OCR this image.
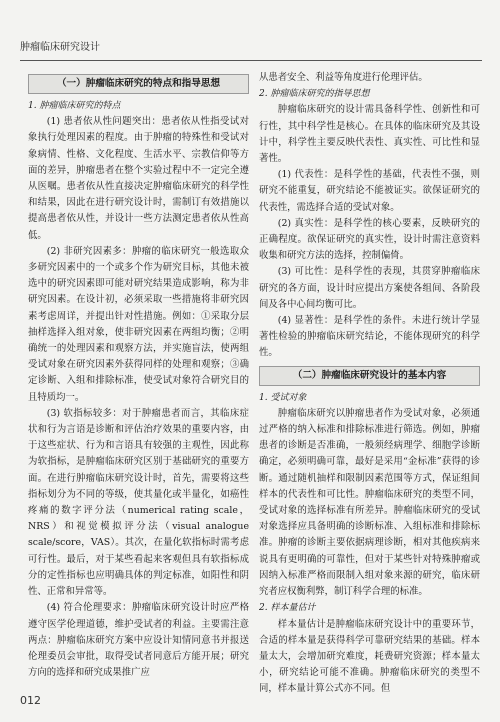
肿瘤临床研究设计
（一）肿瘤临床研究的特点和指导思想
1. 肿瘤临床研究的特点

(1) 患者依从性问题突出：患者依从性指受试对象执行处理因素的程度。由于肿瘤的特殊性和受试对象病情、性格、文化程度、生活水平、宗教信仰等方面的差异，肿瘤患者在整个实验过程中不一定完全遵从医嘱。患者依从性直接决定肿瘤临床研究的科学性和结果，因此在进行研究设计时，需制订有效措施以提高患者依从性，并设计一些方法测定患者依从性高低。

(2) 非研究因素多：肿瘤的临床研究一般选取众多研究因素中的一个或多个作为研究目标，其他未被选中的研究因素即可能对研究结果造成影响，称为非研究因素。在设计初，必须采取一些措施将非研究因素考虑周详，并提出针对性措施。例如：①采取分层抽样选择入组对象，使非研究因素在两组均衡；②明确统一的处理因素和观察方法，并实施盲法，使两组受试对象在研究因素外获得同样的处理和观察；③确定诊断、入组和排除标准，使受试对象符合研究目的且特质均一。

(3) 软指标较多：对于肿瘤患者而言，其临床症状和行为言语是诊断和评估治疗效果的重要内容，由于这些症状、行为和言语具有较强的主观性，因此称为软指标，是肿瘤临床研究区别于基础研究的重要方面。在进行肿瘤临床研究设计时，首先，需要将这些指标划分为不同的等级，使其量化或半量化，如癌性疼痛的数字评分法（numerical rating scale，NRS）和视觉模拟评分法（visual analogue scale/score，VAS）。其次，在量化软指标时需考虑可行性。最后，对于某些看起来客观但具有软指标成分的定性指标也应明确具体的判定标准，如阳性和阴性、正常和异常等。

(4) 符合伦理要求：肿瘤临床研究设计时应严格遵守医学伦理道德，维护受试者的利益。主要需注意两点：肿瘤临床研究方案中应设计知情同意书并报送伦理委员会审批，取得受试者同意后方能开展；研究方向的选择和研究成果推广应

从患者安全、利益等角度进行伦理评估。

2. 肿瘤临床研究的指导思想

肿瘤临床研究的设计需具备科学性、创新性和可行性，其中科学性是核心。在具体的临床研究及其设计中，科学性主要反映代表性、真实性、可比性和显著性。

(1) 代表性：是科学性的基础，代表性不强，则研究不能重复，研究结论不能被证实。欲保证研究的代表性，需选择合适的受试对象。

(2) 真实性：是科学性的核心要素，反映研究的正确程度。欲保证研究的真实性，设计时需注意资料收集和研究方法的选择，控制偏倚。

(3) 可比性：是科学性的表现，其贯穿肿瘤临床研究的各方面，设计时应提出方案使各组间、各阶段间及各中心间均衡可比。

(4) 显著性：是科学性的条件。未进行统计学显著性检验的肿瘤临床研究结论，不能体现研究的科学性。

（二）肿瘤临床研究设计的基本内容
1. 受试对象

肿瘤临床研究以肿瘤患者作为受试对象，必须通过严格的纳入标准和排除标准进行筛选。例如，肿瘤患者的诊断是否准确，一般须经病理学、细胞学诊断确定，必须明确可靠，最好是采用“金标准”获得的诊断。通过随机抽样和限制因素范围等方式，保证组间样本的代表性和可比性。肿瘤临床研究的类型不同，受试对象的选择标准有所差异。肿瘤临床研究的受试对象选择应具备明确的诊断标准、入组标准和排除标准。肿瘤的诊断主要依据病理诊断，相对其他疾病来说具有更明确的可靠性，但对于某些针对特殊肿瘤或因纳入标准严格而限制入组对象来源的研究，临床研究者应权衡利弊，制订科学合理的标准。

2. 样本量估计

样本量估计是肿瘤临床研究设计中的重要环节，合适的样本量是获得科学可靠研究结果的基础。样本量太大，会增加研究难度，耗费研究资源；样本量太小，研究结论可能不准确。肿瘤临床研究的类型不同，样本量计算公式亦不同。但

012
